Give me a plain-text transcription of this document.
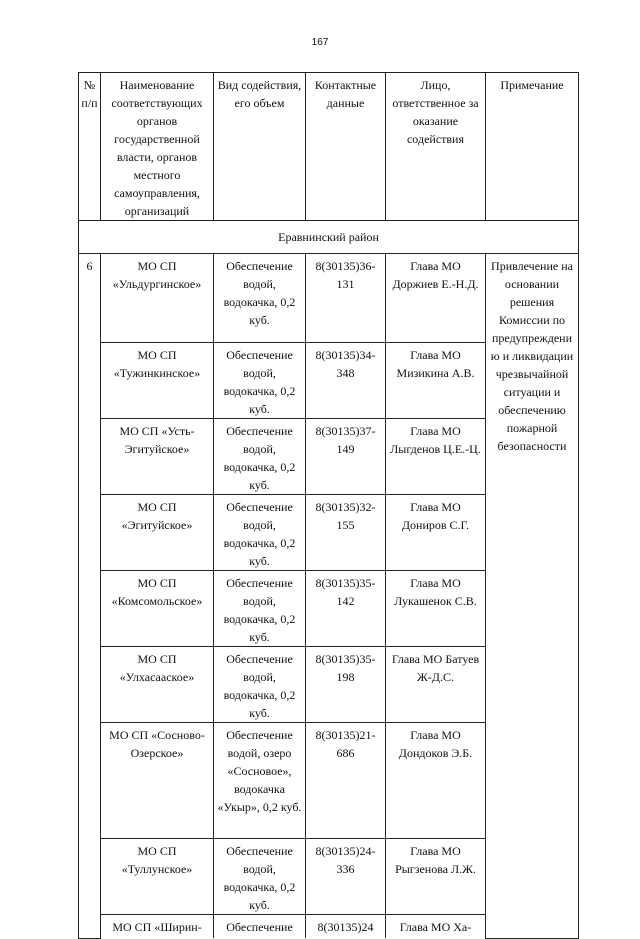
167
№ п/п	Наименование соответствующих органов государственной власти, органов местного самоуправления, организаций	Вид содействия, его объем	Контактные данные	Лицо, ответственное за оказание содействия	Примечание
Еравнинский район					
6	МО СП «Ульдургинское»	Обеспечение водой, водокачка, 0,2 куб.	8(30135)36-131	Глава МО Доржиев Е.-Н.Д.	Привлечение на основании решения Комиссии по предупреждению и ликвидации чрезвычайной ситуации и обеспечению пожарной безопасности
	МО СП «Тужинкинское»	Обеспечение водой, водокачка, 0,2 куб.	8(30135)34-348	Глава МО Мизикина А.В.	
	МО СП «Усть-Эгитуйское»	Обеспечение водой, водокачка, 0,2 куб.	8(30135)37-149	Глава МО Лыгденов Ц.Е.-Ц.	
	МО СП «Эгитуйское»	Обеспечение водой, водокачка, 0,2 куб.	8(30135)32-155	Глава МО Дониров С.Г.	
	МО СП «Комсомольское»	Обеспечение водой, водокачка, 0,2 куб.	8(30135)35-142	Глава МО Лукашенок С.В.	
	МО СП «Улхасаaское»	Обеспечение водой, водокачка, 0,2 куб.	8(30135)35-198	Глава МО Батуев Ж-Д.С.	
	МО СП «Сосново-Озерское»	Обеспечение водой, озеро «Сосновое», водокачка «Укыр», 0,2 куб.	8(30135)21-686	Глава МО Дондоков Э.Б.	
	МО СП «Туллунское»	Обеспечение водой, водокачка, 0,2 куб.	8(30135)24-336	Глава МО Рыгзенова Л.Ж.	
	МО СП «Ширин-	Обеспечение	8(30135)24	Глава МО Ха-	
